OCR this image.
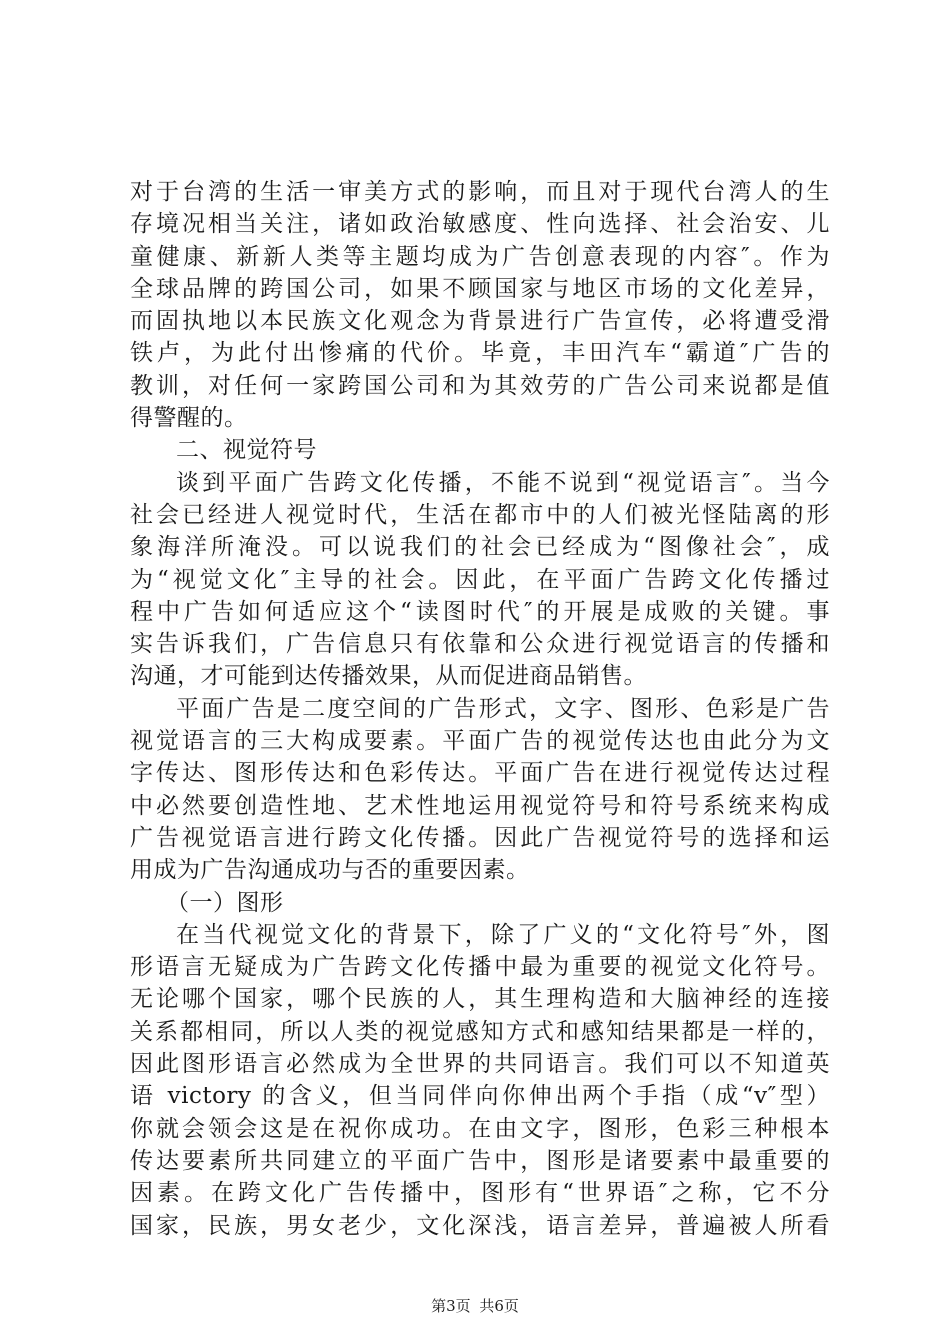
对于台湾的生活一审美方式的影响，而且对于现代台湾人的生
存境况相当关注，诸如政治敏感度、性向选择、社会治安、儿
童健康、新新人类等主题均成为广告创意表现的内容″。作为
全球品牌的跨国公司，如果不顾国家与地区市场的文化差异，
而固执地以本民族文化观念为背景进行广告宣传，必将遭受滑
铁卢，为此付出惨痛的代价。毕竟，丰田汽车“霸道″广告的
教训，对任何一家跨国公司和为其效劳的广告公司来说都是值
得警醒的。
二、视觉符号
谈到平面广告跨文化传播，不能不说到“视觉语言″。当今
社会已经进人视觉时代，生活在都市中的人们被光怪陆离的形
象海洋所淹没。可以说我们的社会已经成为“图像社会″，成
为“视觉文化″主导的社会。因此，在平面广告跨文化传播过
程中广告如何适应这个“读图时代″的开展是成败的关键。事
实告诉我们，广告信息只有依靠和公众进行视觉语言的传播和
沟通，才可能到达传播效果，从而促进商品销售。
平面广告是二度空间的广告形式，文字、图形、色彩是广告
视觉语言的三大构成要素。平面广告的视觉传达也由此分为文
字传达、图形传达和色彩传达。平面广告在进行视觉传达过程
中必然要创造性地、艺术性地运用视觉符号和符号系统来构成
广告视觉语言进行跨文化传播。因此广告视觉符号的选择和运
用成为广告沟通成功与否的重要因素。
（一）图形
在当代视觉文化的背景下，除了广义的“文化符号″外，图
形语言无疑成为广告跨文化传播中最为重要的视觉文化符号。
无论哪个国家，哪个民族的人，其生理构造和大脑神经的连接
关系都相同，所以人类的视觉感知方式和感知结果都是一样的，
因此图形语言必然成为全世界的共同语言。我们可以不知道英
语 victory 的含义，但当同伴向你伸出两个手指（成“v″型）
你就会领会这是在祝你成功。在由文字，图形，色彩三种根本
传达要素所共同建立的平面广告中，图形是诸要素中最重要的
因素。在跨文化广告传播中，图形有“世界语″之称，它不分
国家，民族，男女老少，文化深浅，语言差异，普遍被人所看
第3页 共6页
